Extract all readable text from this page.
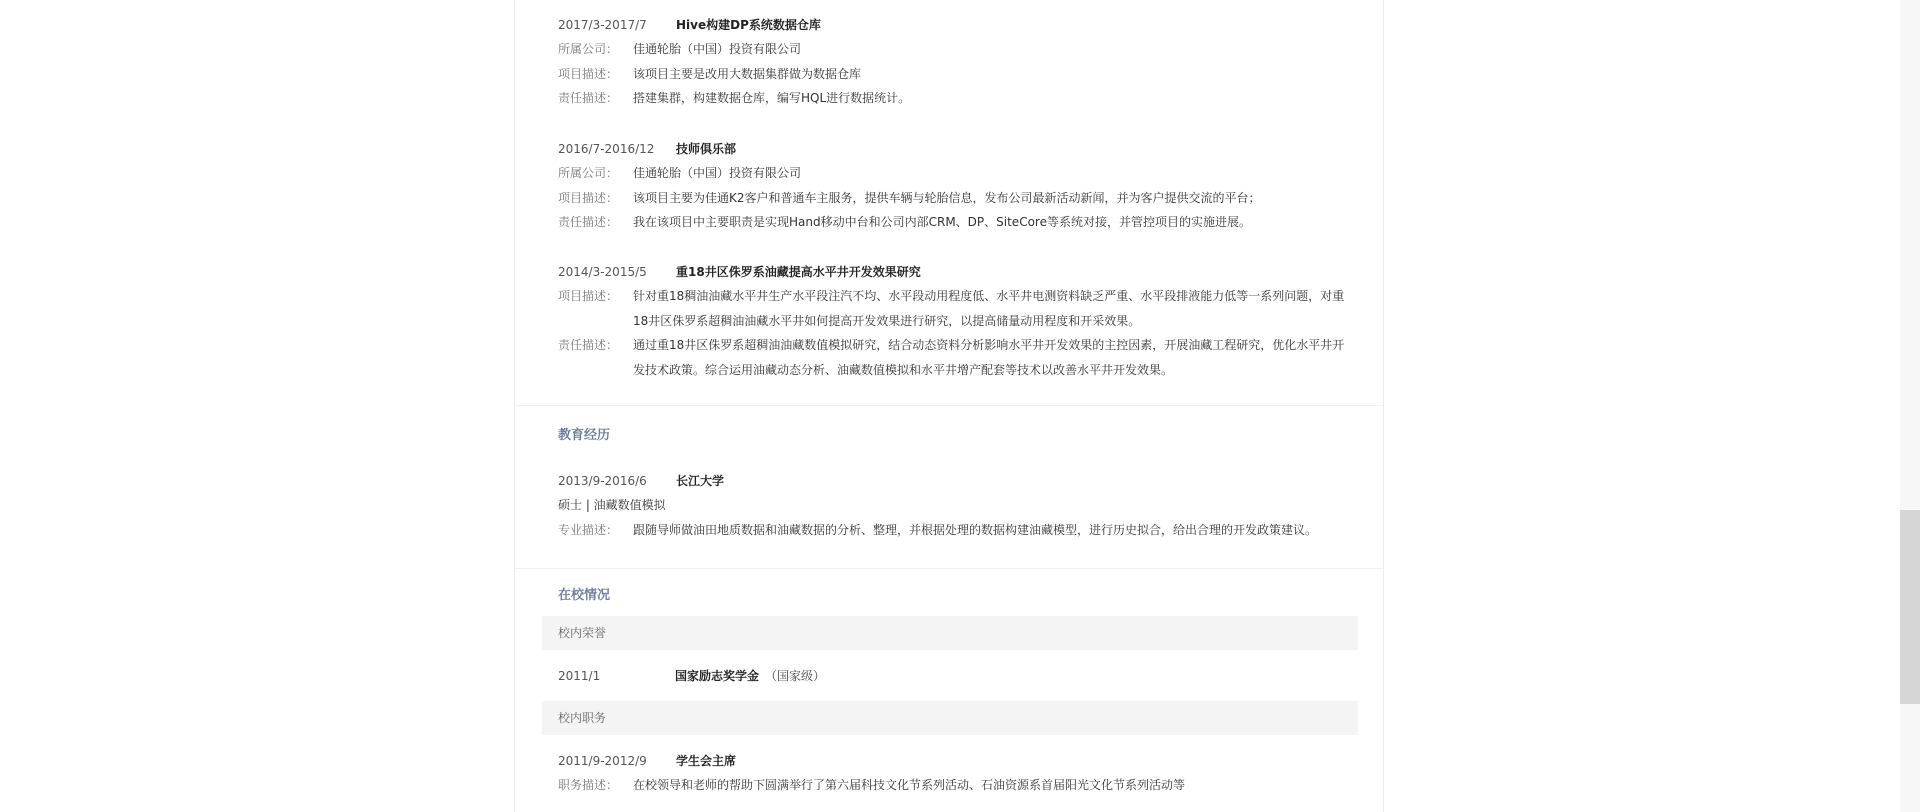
2017/3-2017/7 Hive构建DP系统数据仓库
所属公司： 佳通轮胎（中国）投资有限公司
项目描述： 该项目主要是改用大数据集群做为数据仓库
责任描述： 搭建集群，构建数据仓库，编写HQL进行数据统计。
2016/7-2016/12 技师俱乐部
所属公司： 佳通轮胎（中国）投资有限公司
项目描述： 该项目主要为佳通K2客户和普通车主服务，提供车辆与轮胎信息，发布公司最新活动新闻，并为客户提供交流的平台；
责任描述： 我在该项目中主要职责是实现Hand移动中台和公司内部CRM、DP、SiteCore等系统对接，并管控项目的实施进展。
2014/3-2015/5 重18井区侏罗系油藏提高水平井开发效果研究
项目描述： 针对重18稠油油藏水平井生产水平段注汽不均、水平段动用程度低、水平井电测资料缺乏严重、水平段排液能力低等一系列问题，对重18井区侏罗系超稠油油藏水平井如何提高开发效果进行研究，以提高储量动用程度和开采效果。
责任描述： 通过重18井区侏罗系超稠油油藏数值模拟研究，结合动态资料分析影响水平井开发效果的主控因素，开展油藏工程研究，优化水平井开发技术政策。综合运用油藏动态分析、油藏数值模拟和水平井增产配套等技术以改善水平井开发效果。
教育经历
2013/9-2016/6 长江大学
硕士 | 油藏数值模拟
专业描述： 跟随导师做油田地质数据和油藏数据的分析、整理，并根据处理的数据构建油藏模型，进行历史拟合，给出合理的开发政策建议。
在校情况
校内荣誉
2011/1	国家励志奖学金 （国家级）
校内职务
2011/9-2012/9 学生会主席
职务描述： 在校领导和老师的帮助下圆满举行了第六届科技文化节系列活动、石油资源系首届阳光文化节系列活动等
